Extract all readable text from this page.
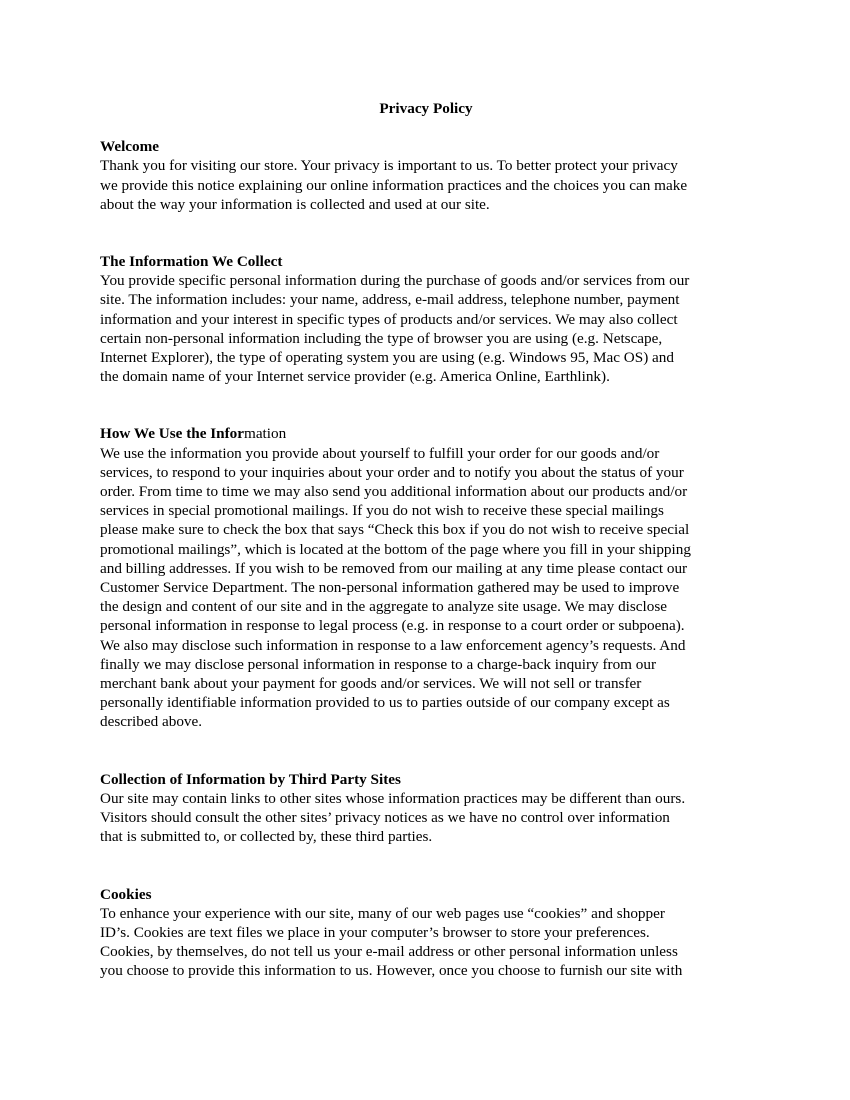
Privacy Policy

Welcome

Thank you for visiting our store. Your privacy is important to us. To better protect your privacy
we provide this notice explaining our online information practices and the choices you can make
about the way your information is collected and used at our site.

The Information We Collect

You provide specific personal information during the purchase of goods and/or services from our
site. The information includes: your name, address, e-mail address, telephone number, payment
information and your interest in specific types of products and/or services. We may also collect
certain non-personal information including the type of browser you are using (e.g. Netscape,
Internet Explorer), the type of operating system you are using (e.g. Windows 95, Mac OS) and
the domain name of your Internet service provider (e.g. America Online, Earthlink).

How We Use the Information

We use the information you provide about yourself to fulfill your order for our goods and/or
services, to respond to your inquiries about your order and to notify you about the status of your
order. From time to time we may also send you additional information about our products and/or
services in special promotional mailings. If you do not wish to receive these special mailings
please make sure to check the box that says “Check this box if you do not wish to receive special
promotional mailings”, which is located at the bottom of the page where you fill in your shipping
and billing addresses. If you wish to be removed from our mailing at any time please contact our
Customer Service Department. The non-personal information gathered may be used to improve
the design and content of our site and in the aggregate to analyze site usage. We may disclose
personal information in response to legal process (e.g. in response to a court order or subpoena).
We also may disclose such information in response to a law enforcement agency’s requests. And
finally we may disclose personal information in response to a charge-back inquiry from our
merchant bank about your payment for goods and/or services. We will not sell or transfer
personally identifiable information provided to us to parties outside of our company except as
described above.

Collection of Information by Third Party Sites

Our site may contain links to other sites whose information practices may be different than ours.
Visitors should consult the other sites’ privacy notices as we have no control over information
that is submitted to, or collected by, these third parties.

Cookies

To enhance your experience with our site, many of our web pages use “cookies” and shopper
ID’s. Cookies are text files we place in your computer’s browser to store your preferences.
Cookies, by themselves, do not tell us your e-mail address or other personal information unless
you choose to provide this information to us. However, once you choose to furnish our site with
